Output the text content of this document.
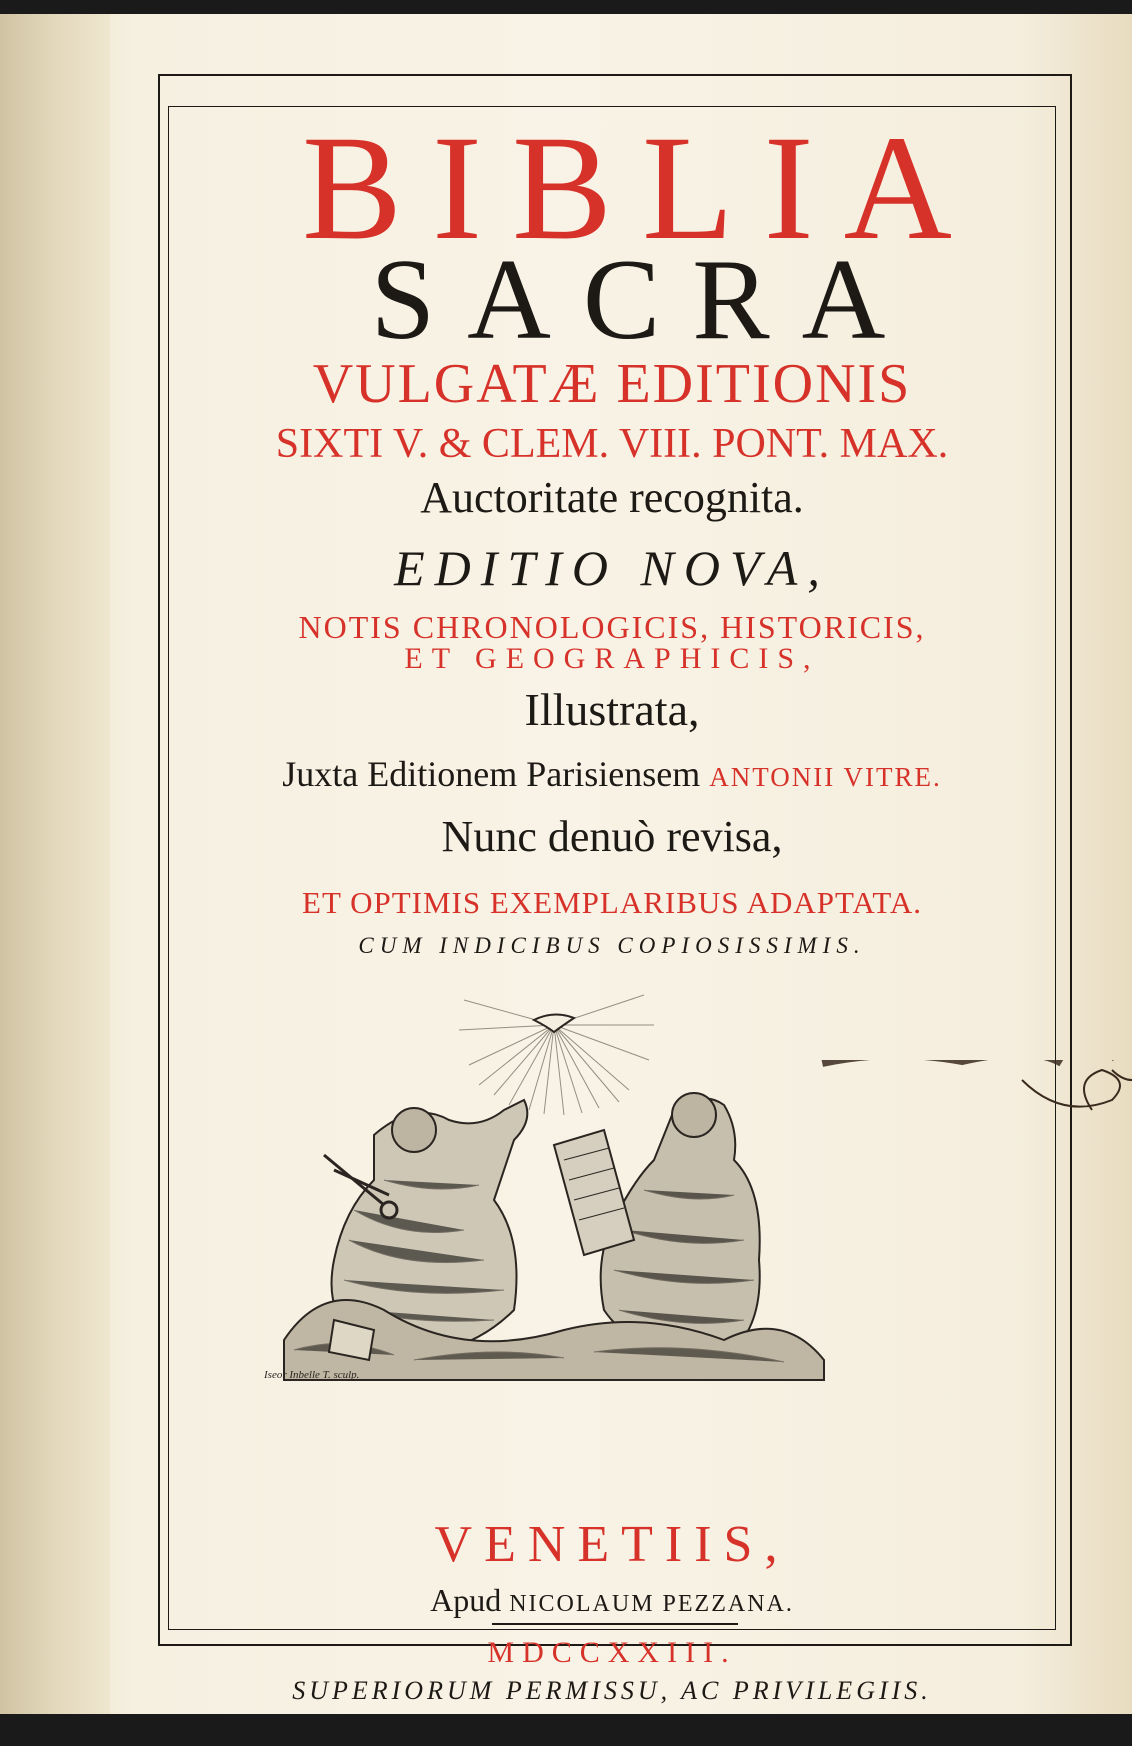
BIBLIA
SACRA
VULGATÆ EDITIONIS
SIXTI V. & CLEM. VIII. PONT. MAX.
Auctoritate recognita.
EDITIO NOVA,
NOTIS CHRONOLOGICIS, HISTORICIS,
ET GEOGRAPHICIS,
Illustrata,
Juxta Editionem Parisiensem ANTONII VITRE.
Nunc denuò revisa,
ET OPTIMIS EXEMPLARIBUS ADAPTATA.
CUM INDICIBUS COPIOSISSIMIS.
Iseor Inbelle T. sculp.
VENETIIS,
Apud NICOLAUM PEZZANA.
MDCCXXIII.
SUPERIORUM PERMISSU, AC PRIVILEGIIS.
